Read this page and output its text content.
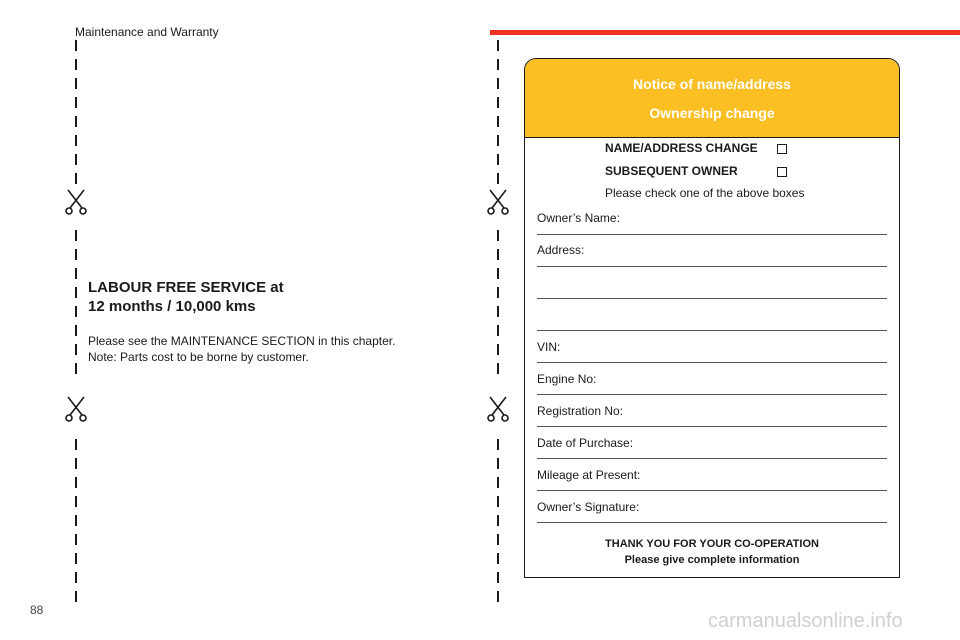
Maintenance and Warranty
LABOUR FREE SERVICE at
12 months / 10,000 kms
Please see the MAINTENANCE SECTION in this chapter.
Note: Parts cost to be borne by customer.
Notice of name/address
Ownership change
NAME/ADDRESS CHANGE
SUBSEQUENT OWNER
Please check one of the above boxes
Owner’s Name:
Address:
VIN:
Engine No:
Registration No:
Date of Purchase:
Mileage at Present:
Owner’s Signature:
THANK YOU FOR YOUR CO-OPERATION
Please give complete information
88	carmanualsonline.info
